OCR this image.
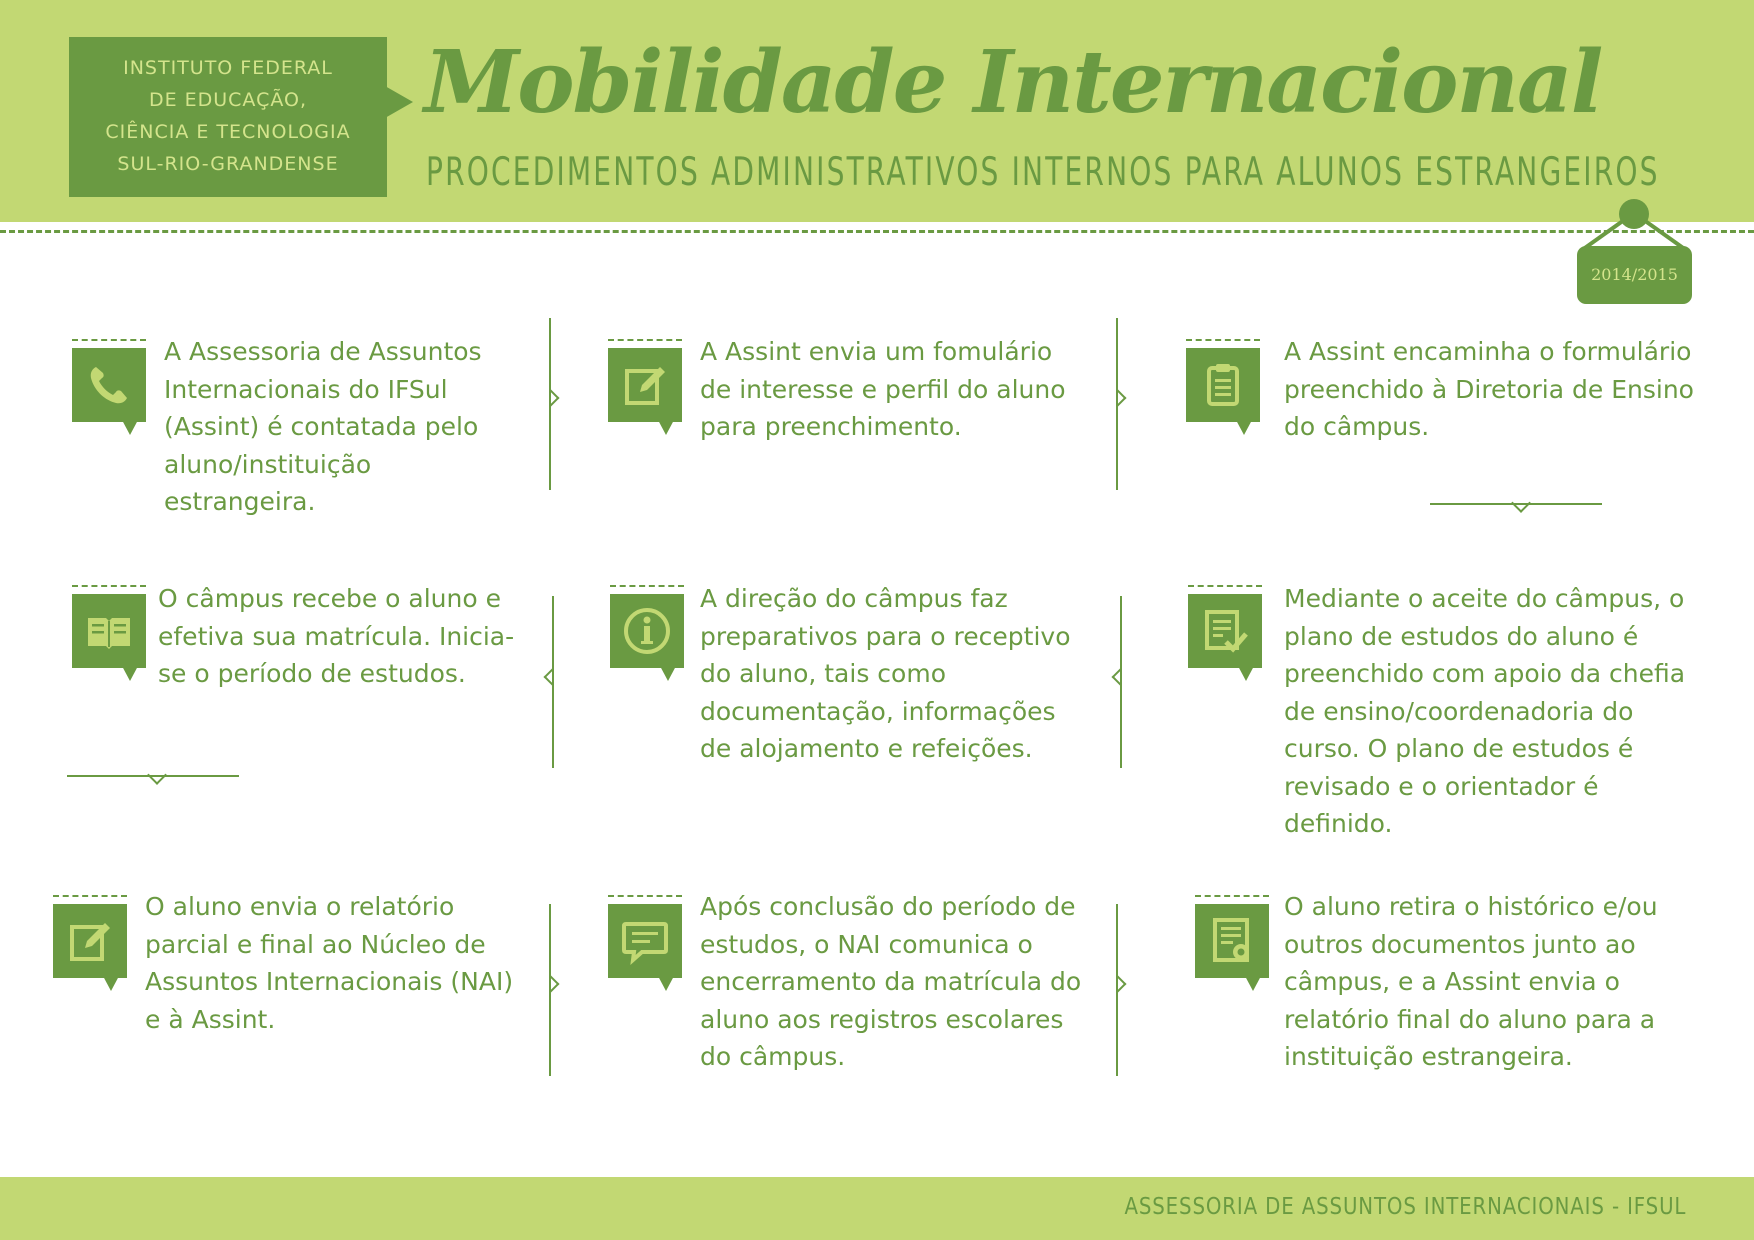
INSTITUTO FEDERAL
DE EDUCAÇÃO,
CIÊNCIA E TECNOLOGIA
SUL-RIO-GRANDENSE
Mobilidade Internacional
PROCEDIMENTOS ADMINISTRATIVOS INTERNOS PARA ALUNOS ESTRANGEIROS
2014/2015
A Assessoria de Assuntos Internacionais do IFSul (Assint) é contatada pelo aluno/instituição estrangeira.
A Assint envia um fomulário de interesse e perfil do aluno para preenchimento.
A Assint encaminha o formulário preenchido à Diretoria de Ensino do câmpus.
O câmpus recebe o aluno e efetiva sua matrícula. Inicia-se o período de estudos.
A direção do câmpus faz preparativos para o receptivo do aluno, tais como documentação, informações de alojamento e refeições.
Mediante o aceite do câmpus, o plano de estudos do aluno é preenchido com apoio da chefia de ensino/coordenadoria do curso. O plano de estudos é revisado e o orientador é definido.
O aluno envia o relatório parcial e final ao Núcleo de Assuntos Internacionais (NAI) e à Assint.
Após conclusão do período de estudos, o NAI comunica o encerramento da matrícula do aluno aos registros escolares do câmpus.
O aluno retira o histórico e/ou outros documentos junto ao câmpus, e a Assint envia o relatório final do aluno para a instituição estrangeira.
ASSESSORIA DE ASSUNTOS INTERNACIONAIS - IFSUL
